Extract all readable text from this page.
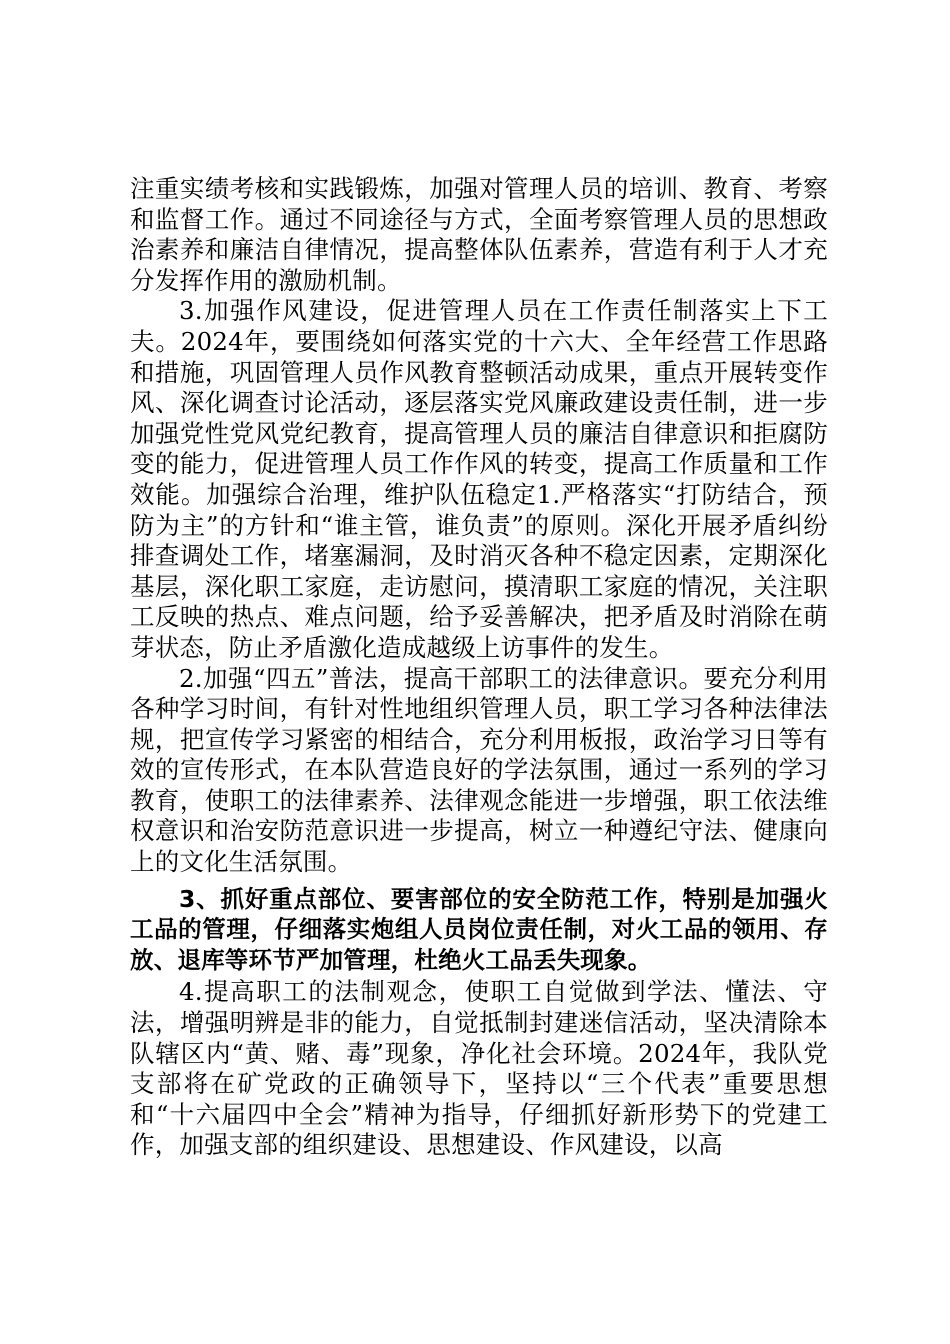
注重实绩考核和实践锻炼，加强对管理人员的培训、教育、考察和监督工作。通过不同途径与方式，全面考察管理人员的思想政治素养和廉洁自律情况，提高整体队伍素养，营造有利于人才充分发挥作用的激励机制。

3.加强作风建设，促进管理人员在工作责任制落实上下工夫。2024年，要围绕如何落实党的十六大、全年经营工作思路和措施，巩固管理人员作风教育整顿活动成果，重点开展转变作风、深化调查讨论活动，逐层落实党风廉政建设责任制，进一步加强党性党风党纪教育，提高管理人员的廉洁自律意识和拒腐防变的能力，促进管理人员工作作风的转变，提高工作质量和工作效能。加强综合治理，维护队伍稳定1.严格落实“打防结合，预防为主”的方针和“谁主管，谁负责”的原则。深化开展矛盾纠纷排查调处工作，堵塞漏洞，及时消灭各种不稳定因素，定期深化基层，深化职工家庭，走访慰问，摸清职工家庭的情况，关注职工反映的热点、难点问题，给予妥善解决，把矛盾及时消除在萌芽状态，防止矛盾激化造成越级上访事件的发生。

2.加强“四五”普法，提高干部职工的法律意识。要充分利用各种学习时间，有针对性地组织管理人员，职工学习各种法律法规，把宣传学习紧密的相结合，充分利用板报，政治学习日等有效的宣传形式，在本队营造良好的学法氛围，通过一系列的学习教育，使职工的法律素养、法律观念能进一步增强，职工依法维权意识和治安防范意识进一步提高，树立一种遵纪守法、健康向上的文化生活氛围。

3、抓好重点部位、要害部位的安全防范工作，特别是加强火工品的管理，仔细落实炮组人员岗位责任制，对火工品的领用、存放、退库等环节严加管理，杜绝火工品丢失现象。

4.提高职工的法制观念，使职工自觉做到学法、懂法、守法，增强明辨是非的能力，自觉抵制封建迷信活动，坚决清除本队辖区内“黄、赌、毒”现象，净化社会环境。2024年，我队党支部将在矿党政的正确领导下，坚持以“三个代表”重要思想和“十六届四中全会”精神为指导，仔细抓好新形势下的党建工作，加强支部的组织建设、思想建设、作风建设，以高
